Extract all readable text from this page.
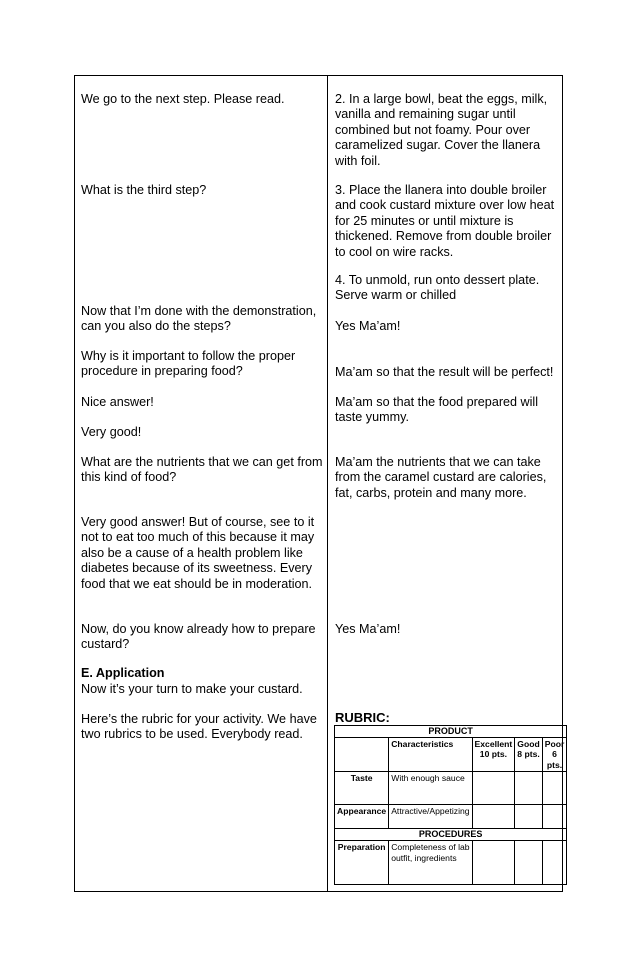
We go to the next step. Please read.

What is the third step?

Now that I’m done with the demonstration, can you also do the steps?

Why is it important to follow the proper procedure in preparing food?

Nice answer!

Very good!

What are the nutrients that we can get from this kind of food?

Very good answer! But of course, see to it not to eat too much of this because it may also be a cause of a health problem like diabetes because of its sweetness. Every food that we eat should be in moderation.

Now, do you know already how to prepare custard?

E. Application

Now it’s your turn to make your custard.

Here’s the rubric for your activity. We have two rubrics to be used. Everybody read.

2. In a large bowl, beat the eggs, milk, vanilla and remaining sugar until combined but not foamy. Pour over caramelized sugar. Cover the llanera with foil.

3. Place the llanera into double broiler and cook custard mixture over low heat for 25 minutes or until mixture is thickened. Remove from double broiler to cool on wire racks.

4. To unmold, run onto dessert plate. Serve warm or chilled

Yes Ma’am!

Ma’am so that the result will be perfect!

Ma’am so that the food prepared will taste yummy.

Ma’am the nutrients that we can take from the caramel custard are calories, fat, carbs, protein and many more.

Yes Ma’am!

RUBRIC:
PRODUCT				
	Characteristics	Excellent 10 pts.	Good 8 pts.	Poor 6 pts.
Taste	With enough sauce			
Appearance	Attractive/Appetizing			
PROCEDURES				
Preparation	Completeness of lab outfit, ingredients			
